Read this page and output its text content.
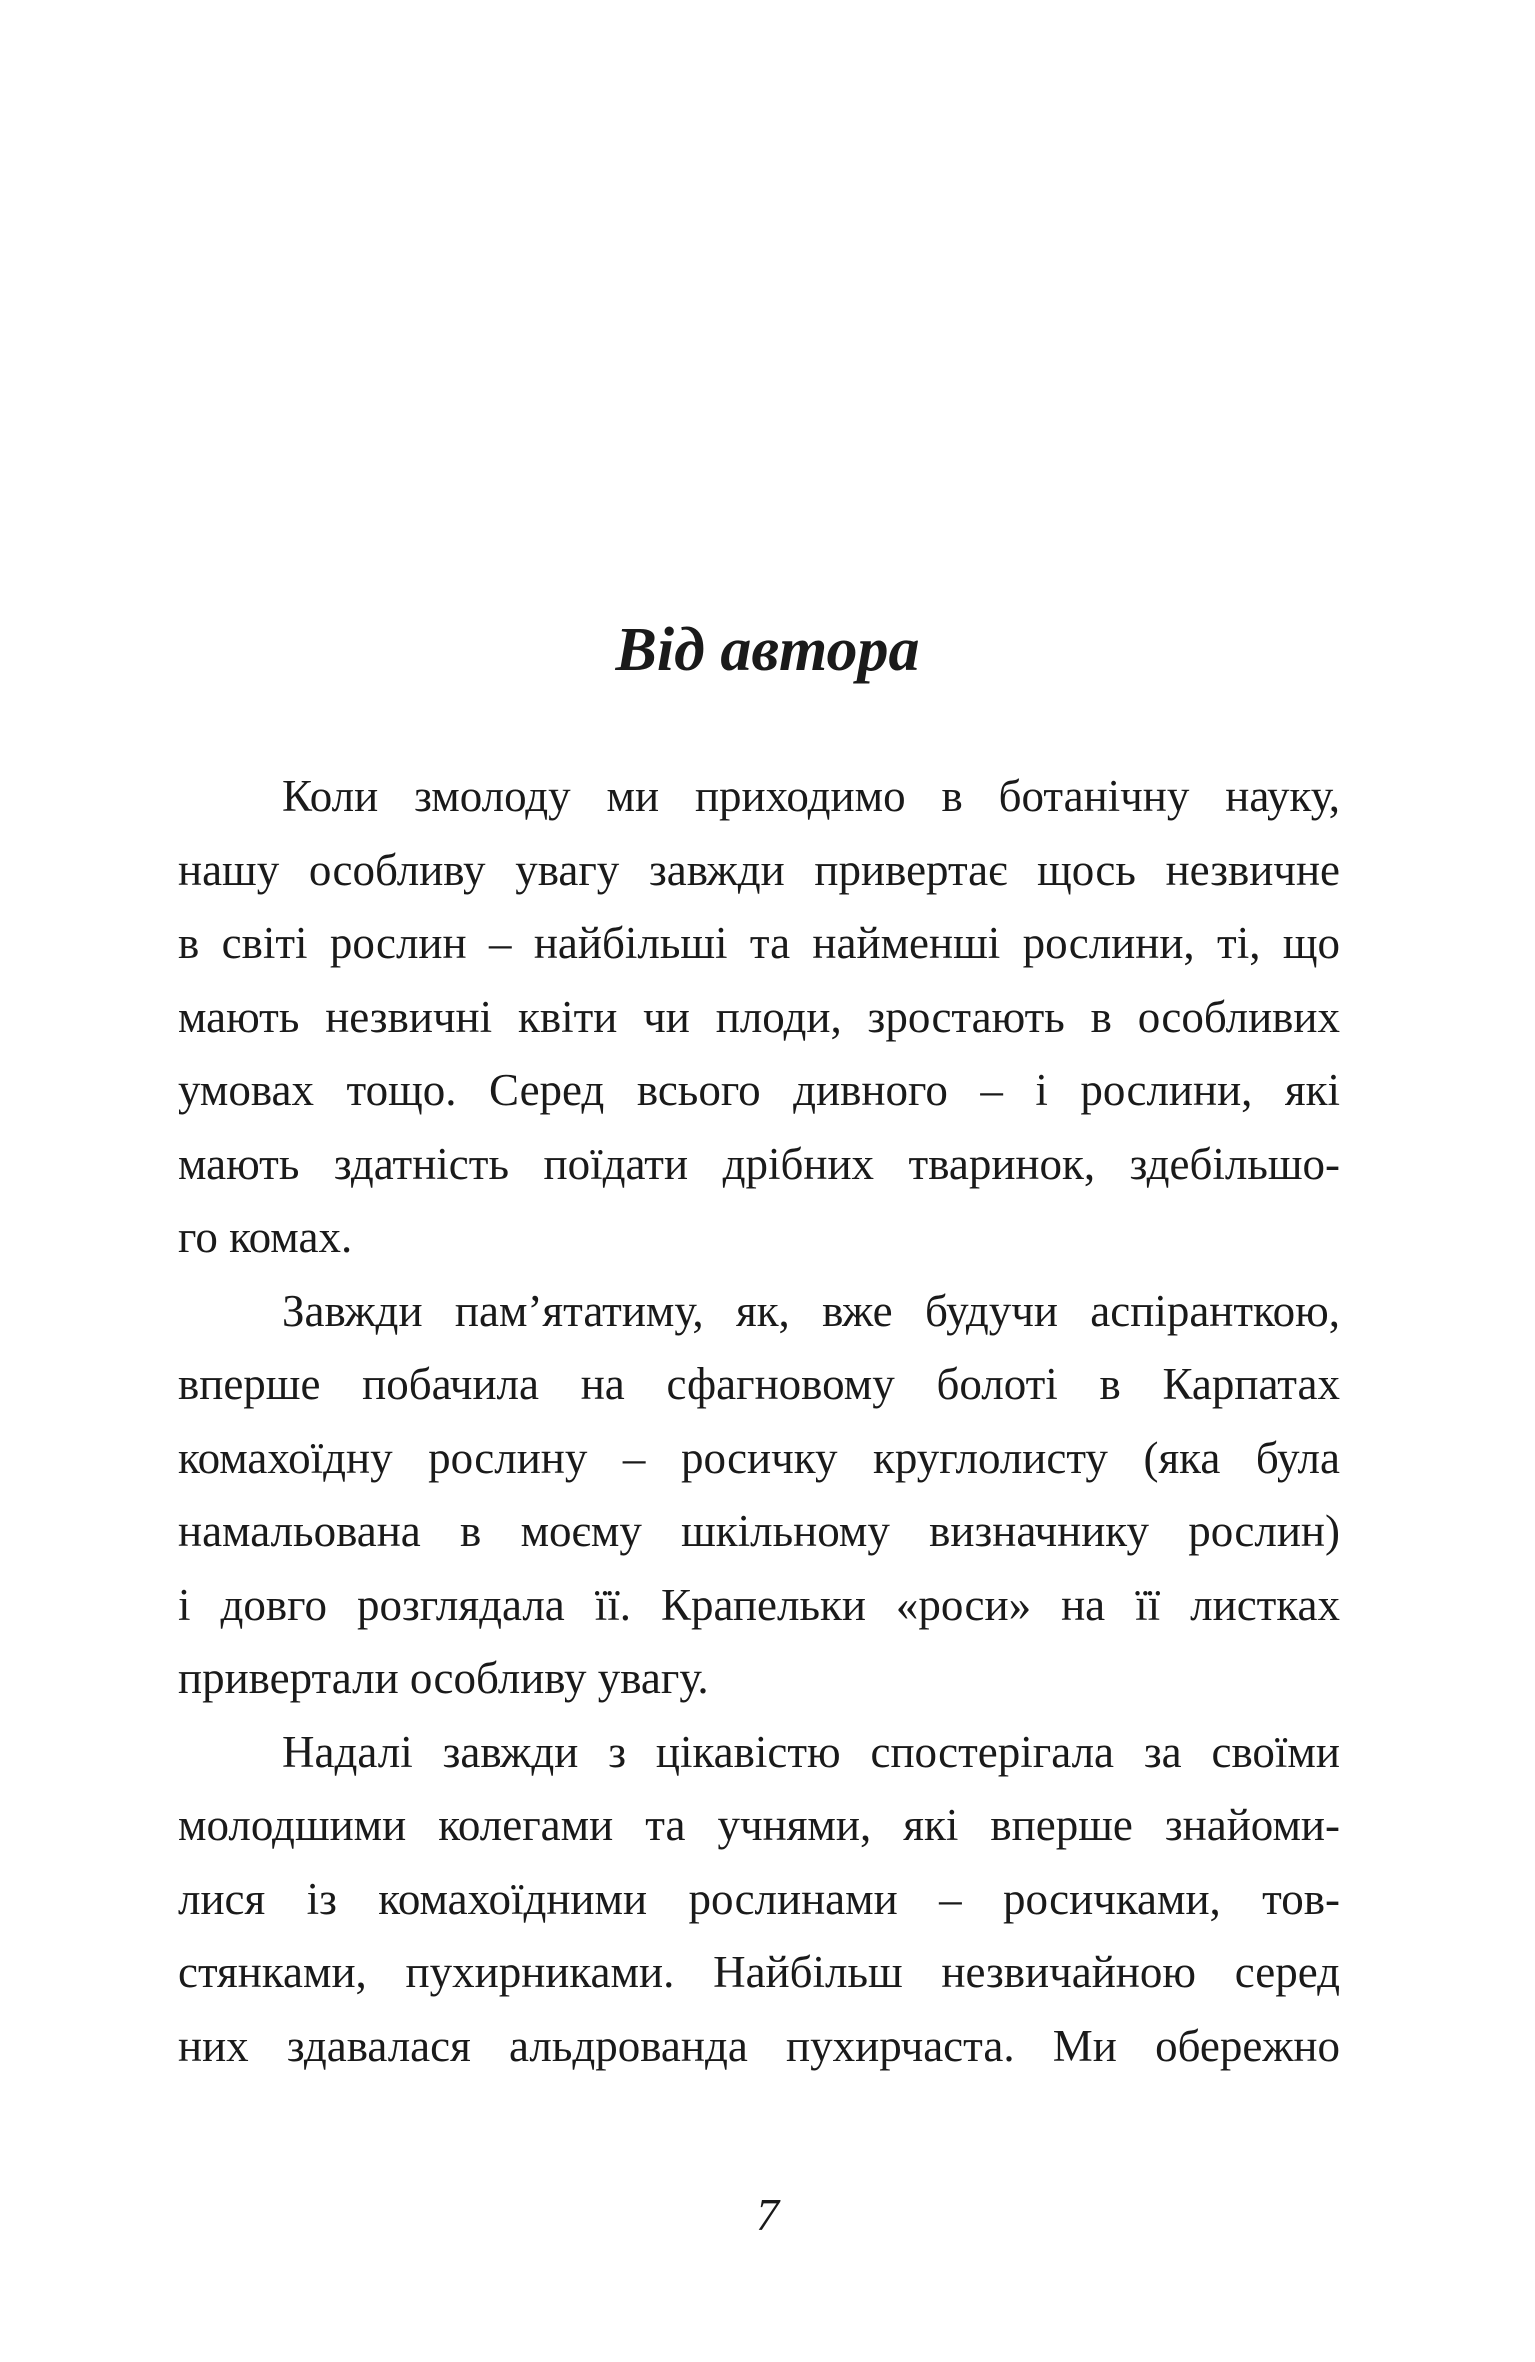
Від автора

Коли змолоду ми приходимо в ботанічну науку,
нашу особливу увагу завжди привертає щось незвичне
в світі рослин – найбільші та найменші рослини, ті, що
мають незвичні квіти чи плоди, зростають в особливих
умовах тощо. Серед всього дивного – і рослини, які
мають здатність поїдати дрібних тваринок, здебільшо-
го комах.

Завжди пам’ятатиму, як, вже будучи аспіранткою,
вперше побачила на сфагновому болоті в Карпатах
комахоїдну рослину – росичку круглолисту (яка була
намальована в моєму шкільному визначнику рослин)
і довго розглядала її. Крапельки «роси» на її листках
привертали особливу увагу.

Надалі завжди з цікавістю спостерігала за своїми
молодшими колегами та учнями, які вперше знайоми-
лися із комахоїдними рослинами – росичками, тов-
стянками, пухирниками. Найбільш незвичайною серед
них здавалася альдрованда пухирчаста. Ми обережно

7
